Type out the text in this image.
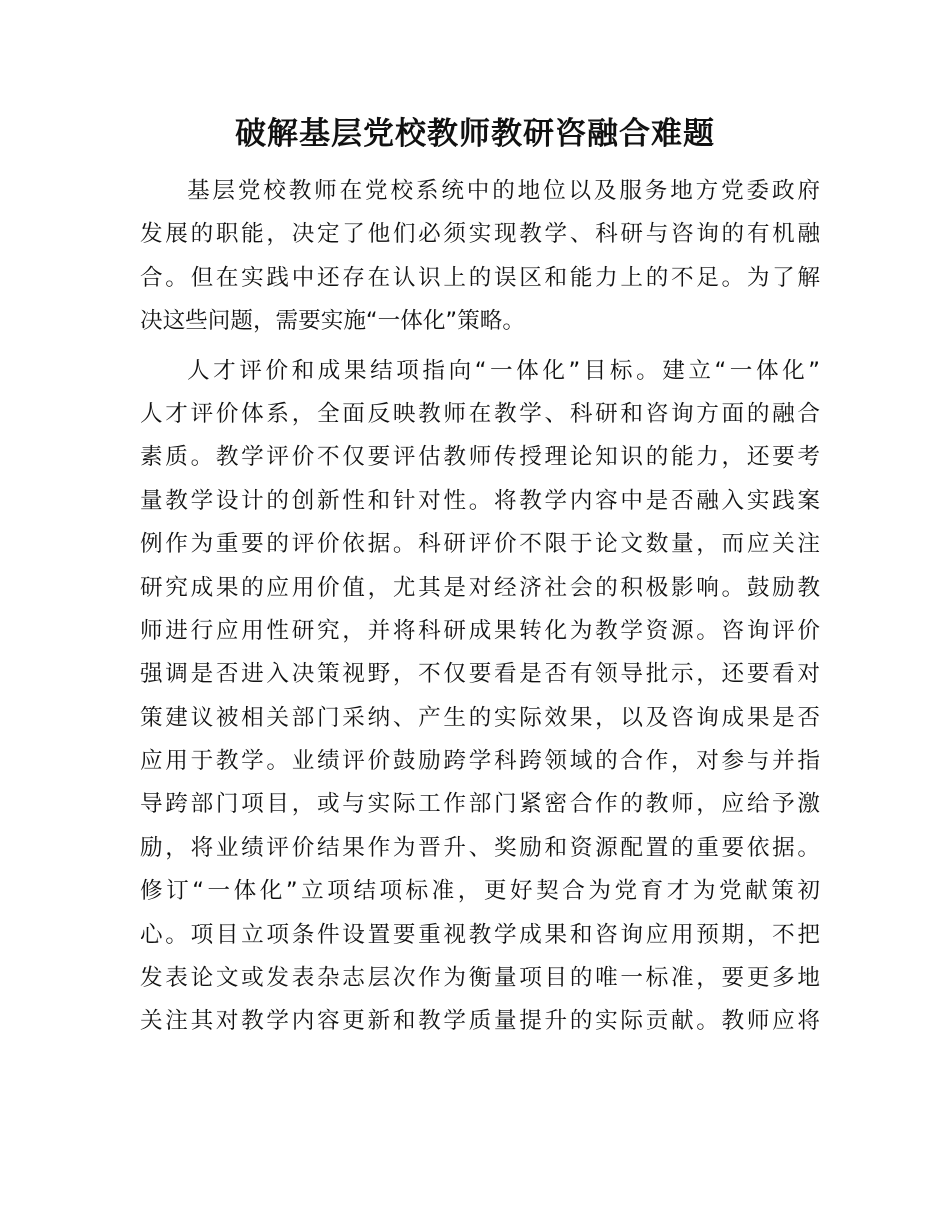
破解基层党校教师教研咨融合难题

基层党校教师在党校系统中的地位以及服务地方党委政府
发展的职能，决定了他们必须实现教学、科研与咨询的有机融
合。但在实践中还存在认识上的误区和能力上的不足。为了解
决这些问题，需要实施“一体化”策略。

人才评价和成果结项指向“一体化”目标。建立“一体化”
人才评价体系，全面反映教师在教学、科研和咨询方面的融合
素质。教学评价不仅要评估教师传授理论知识的能力，还要考
量教学设计的创新性和针对性。将教学内容中是否融入实践案
例作为重要的评价依据。科研评价不限于论文数量，而应关注
研究成果的应用价值，尤其是对经济社会的积极影响。鼓励教
师进行应用性研究，并将科研成果转化为教学资源。咨询评价
强调是否进入决策视野，不仅要看是否有领导批示，还要看对
策建议被相关部门采纳、产生的实际效果，以及咨询成果是否
应用于教学。业绩评价鼓励跨学科跨领域的合作，对参与并指
导跨部门项目，或与实际工作部门紧密合作的教师，应给予激
励，将业绩评价结果作为晋升、奖励和资源配置的重要依据。
修订“一体化”立项结项标准，更好契合为党育才为党献策初
心。项目立项条件设置要重视教学成果和咨询应用预期，不把
发表论文或发表杂志层次作为衡量项目的唯一标准，要更多地
关注其对教学内容更新和教学质量提升的实际贡献。教师应将
